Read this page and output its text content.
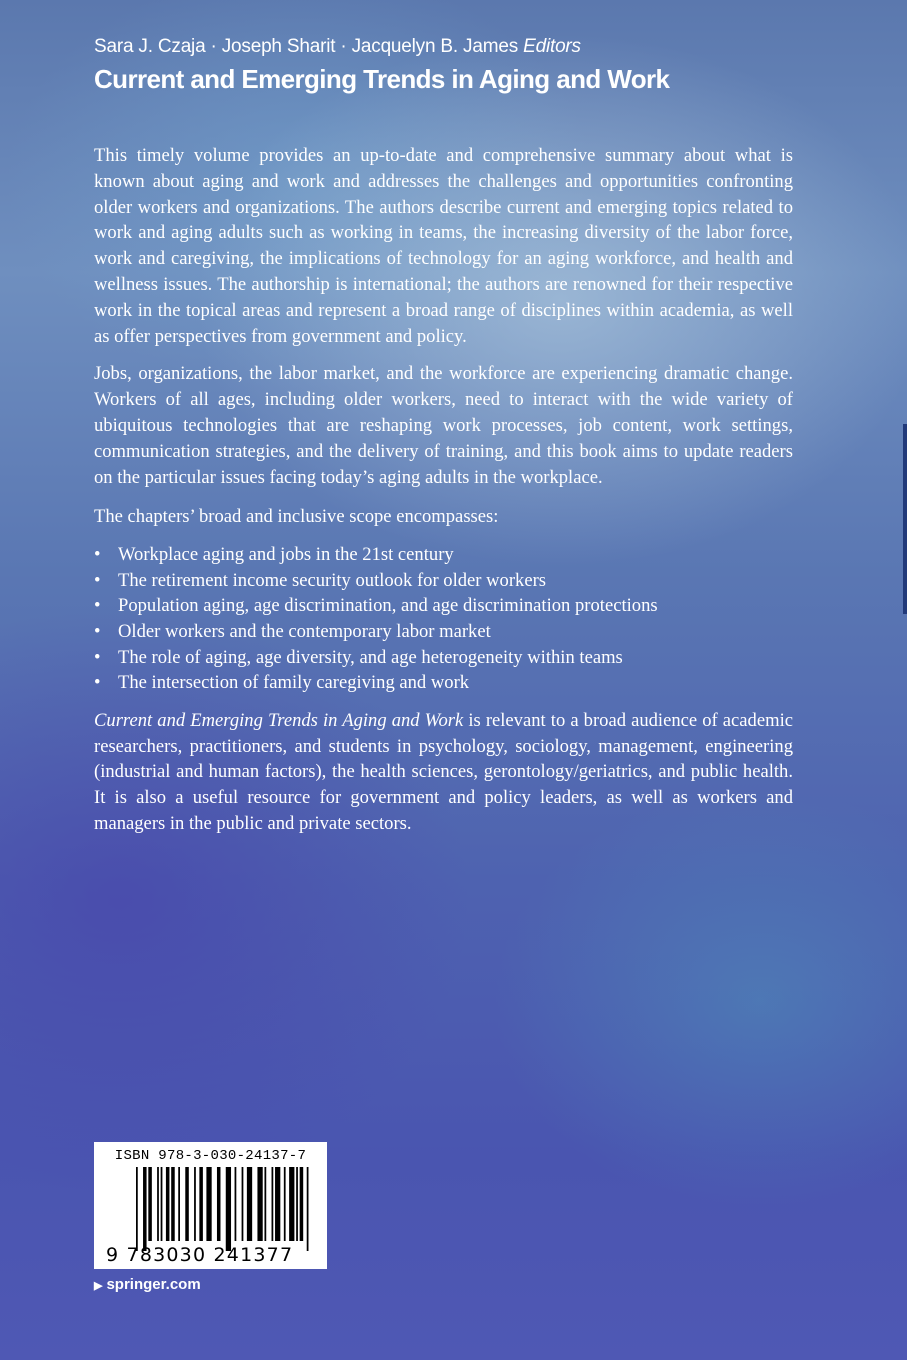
Sara J. Czaja · Joseph Sharit · Jacquelyn B. James Editors
Current and Emerging Trends in Aging and Work

This timely volume provides an up-to-date and comprehensive summary about what is known about aging and work and addresses the challenges and opportunities confronting older workers and organizations. The authors describe current and emerging topics related to work and aging adults such as working in teams, the increasing diversity of the labor force, work and caregiving, the implications of technology for an aging workforce, and health and wellness issues. The authorship is international; the authors are renowned for their respective work in the topical areas and represent a broad range of disciplines within academia, as well as offer perspectives from government and policy.

Jobs, organizations, the labor market, and the workforce are experiencing dramatic change. Workers of all ages, including older workers, need to interact with the wide variety of ubiquitous technologies that are reshaping work processes, job content, work settings, communication strategies, and the delivery of training, and this book aims to update readers on the particular issues facing today’s aging adults in the workplace.

The chapters’ broad and inclusive scope encompasses:

• Workplace aging and jobs in the 21st century
• The retirement income security outlook for older workers
• Population aging, age discrimination, and age discrimination protections
• Older workers and the contemporary labor market
• The role of aging, age diversity, and age heterogeneity within teams
• The intersection of family caregiving and work

Current and Emerging Trends in Aging and Work is relevant to a broad audience of academic researchers, practitioners, and students in psychology, sociology, management, engineering (industrial and human factors), the health sciences, gerontology/geriatrics, and public health. It is also a useful resource for government and policy leaders, as well as workers and managers in the public and private sectors.

ISBN 978-3-030-24137-7
9 783030 241377
▶ springer.com
